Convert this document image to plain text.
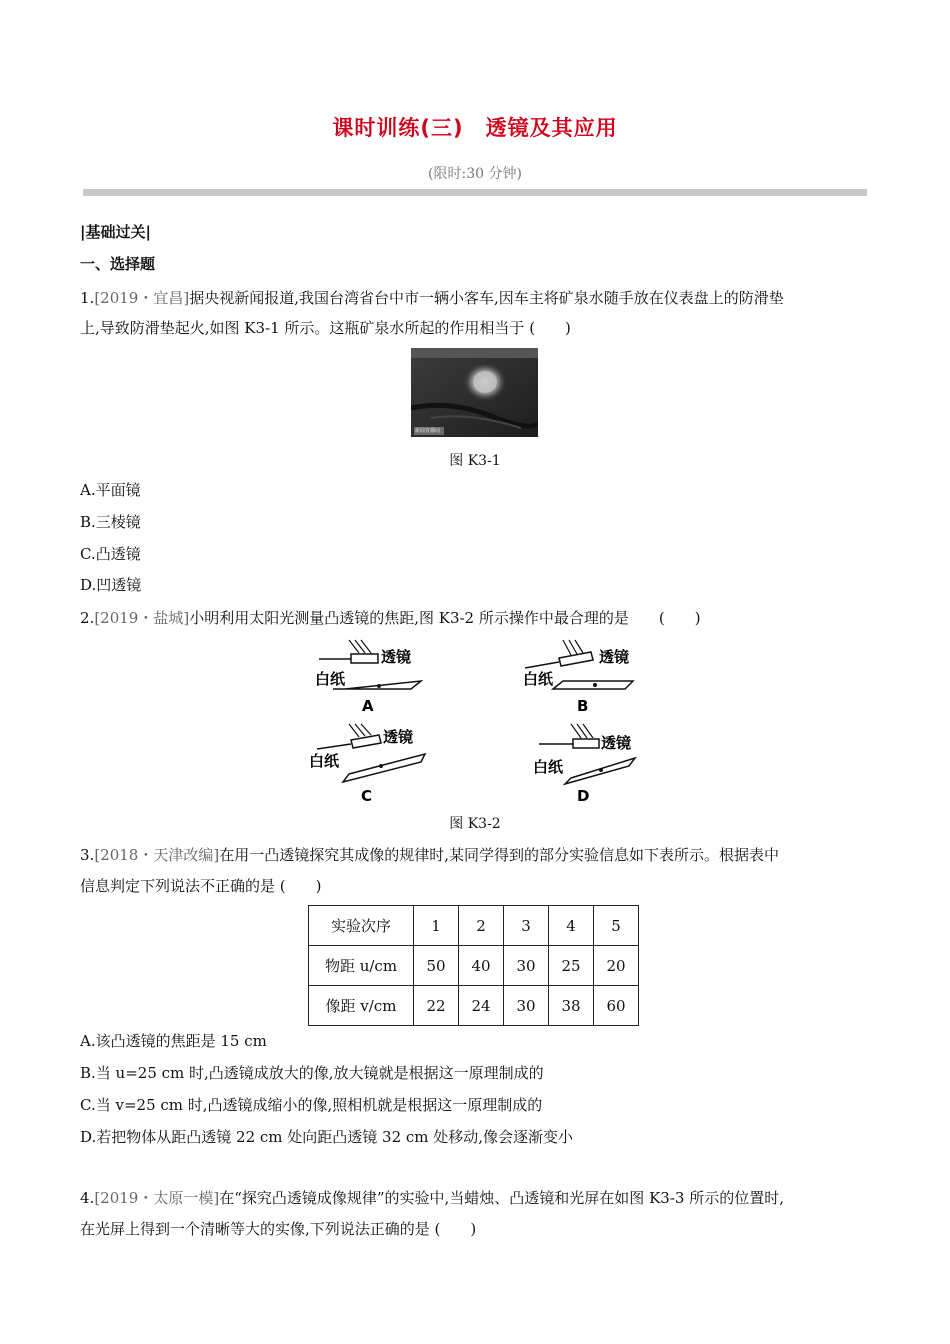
课时训练(三)　透镜及其应用
(限时:30 分钟)
|基础过关|
一、选择题
1.[2019・宜昌]据央视新闻报道,我国台湾省台中市一辆小客车,因车主将矿泉水随手放在仪表盘上的防滑垫
上,导致防滑垫起火,如图 K3-1 所示。这瓶矿泉水所起的作用相当于 (　　)
新闻直播间
图 K3-1
A.平面镜
B.三棱镜
C.凸透镜
D.凹透镜
2.[2019・盐城]小明利用太阳光测量凸透镜的焦距,图 K3-2 所示操作中最合理的是　　(　　)
透镜
白纸
A
透镜
白纸
B
透镜
白纸
C
透镜
白纸
D
图 K3-2
3.[2018・天津改编]在用一凸透镜探究其成像的规律时,某同学得到的部分实验信息如下表所示。根据表中
信息判定下列说法不正确的是 (　　)
实验次序	1	2	3	4	5
物距 u/cm	50	40	30	25	20
像距 v/cm	22	24	30	38	60
A.该凸透镜的焦距是 15 cm
B.当 u=25 cm 时,凸透镜成放大的像,放大镜就是根据这一原理制成的
C.当 v=25 cm 时,凸透镜成缩小的像,照相机就是根据这一原理制成的
D.若把物体从距凸透镜 22 cm 处向距凸透镜 32 cm 处移动,像会逐渐变小
4.[2019・太原一模]在“探究凸透镜成像规律”的实验中,当蜡烛、凸透镜和光屏在如图 K3-3 所示的位置时,
在光屏上得到一个清晰等大的实像,下列说法正确的是 (　　)
